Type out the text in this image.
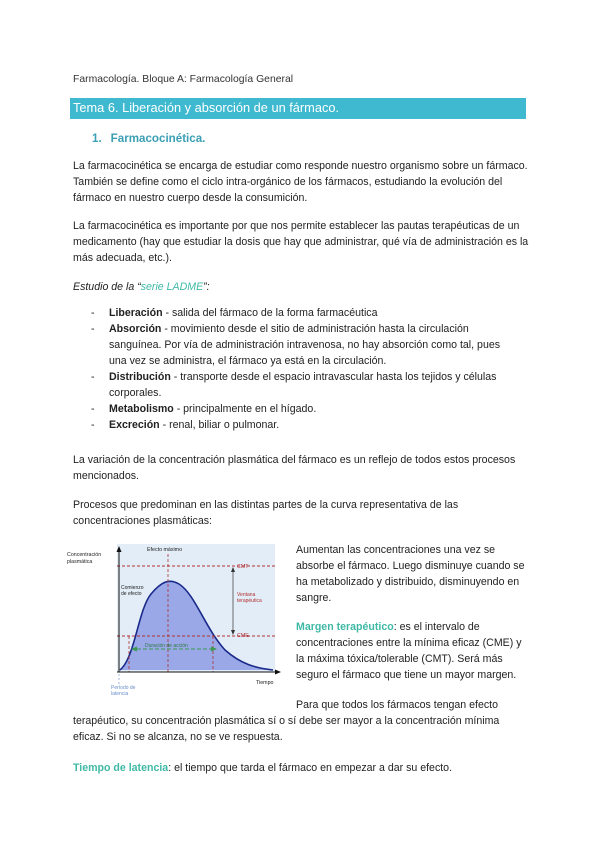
Farmacología. Bloque A: Farmacología General
Tema 6. Liberación y absorción de un fármaco.
1. Farmacocinética.
La farmacocinética se encarga de estudiar como responde nuestro organismo sobre un fármaco. También se define como el ciclo intra-orgánico de los fármacos, estudiando la evolución del fármaco en nuestro cuerpo desde la consumición.
La farmacocinética es importante por que nos permite establecer las pautas terapéuticas de un medicamento (hay que estudiar la dosis que hay que administrar, qué vía de administración es la más adecuada, etc.).
Estudio de la “serie LADME”:
- Liberación - salida del fármaco de la forma farmacéutica
- Absorción - movimiento desde el sitio de administración hasta la circulación sanguínea. Por vía de administración intravenosa, no hay absorción como tal, pues una vez se administra, el fármaco ya está en la circulación.
- Distribución - transporte desde el espacio intravascular hasta los tejidos y células corporales.
- Metabolismo - principalmente en el hígado.
- Excreción - renal, biliar o pulmonar.
La variación de la concentración plasmática del fármaco es un reflejo de todos estos procesos mencionados.
Procesos que predominan en las distintas partes de la curva representativa de las concentraciones plasmáticas:
Concentración
plasmática
Efecto máximo
Comienzo
de efecto
CMT
CME
Ventana
terapéutica
Duración de acción
Tiempo
Período de
latencia
Aumentan las concentraciones una vez se absorbe el fármaco. Luego disminuye cuando se ha metabolizado y distribuido, disminuyendo en sangre.
Margen terapéutico: es el intervalo de concentraciones entre la mínima eficaz (CME) y la máxima tóxica/tolerable (CMT). Será más seguro el fármaco que tiene un mayor margen.
Para que todos los fármacos tengan efecto terapéutico, su concentración plasmática sí o sí debe ser mayor a la concentración mínima eficaz. Si no se alcanza, no se ve respuesta.
Tiempo de latencia: el tiempo que tarda el fármaco en empezar a dar su efecto.
